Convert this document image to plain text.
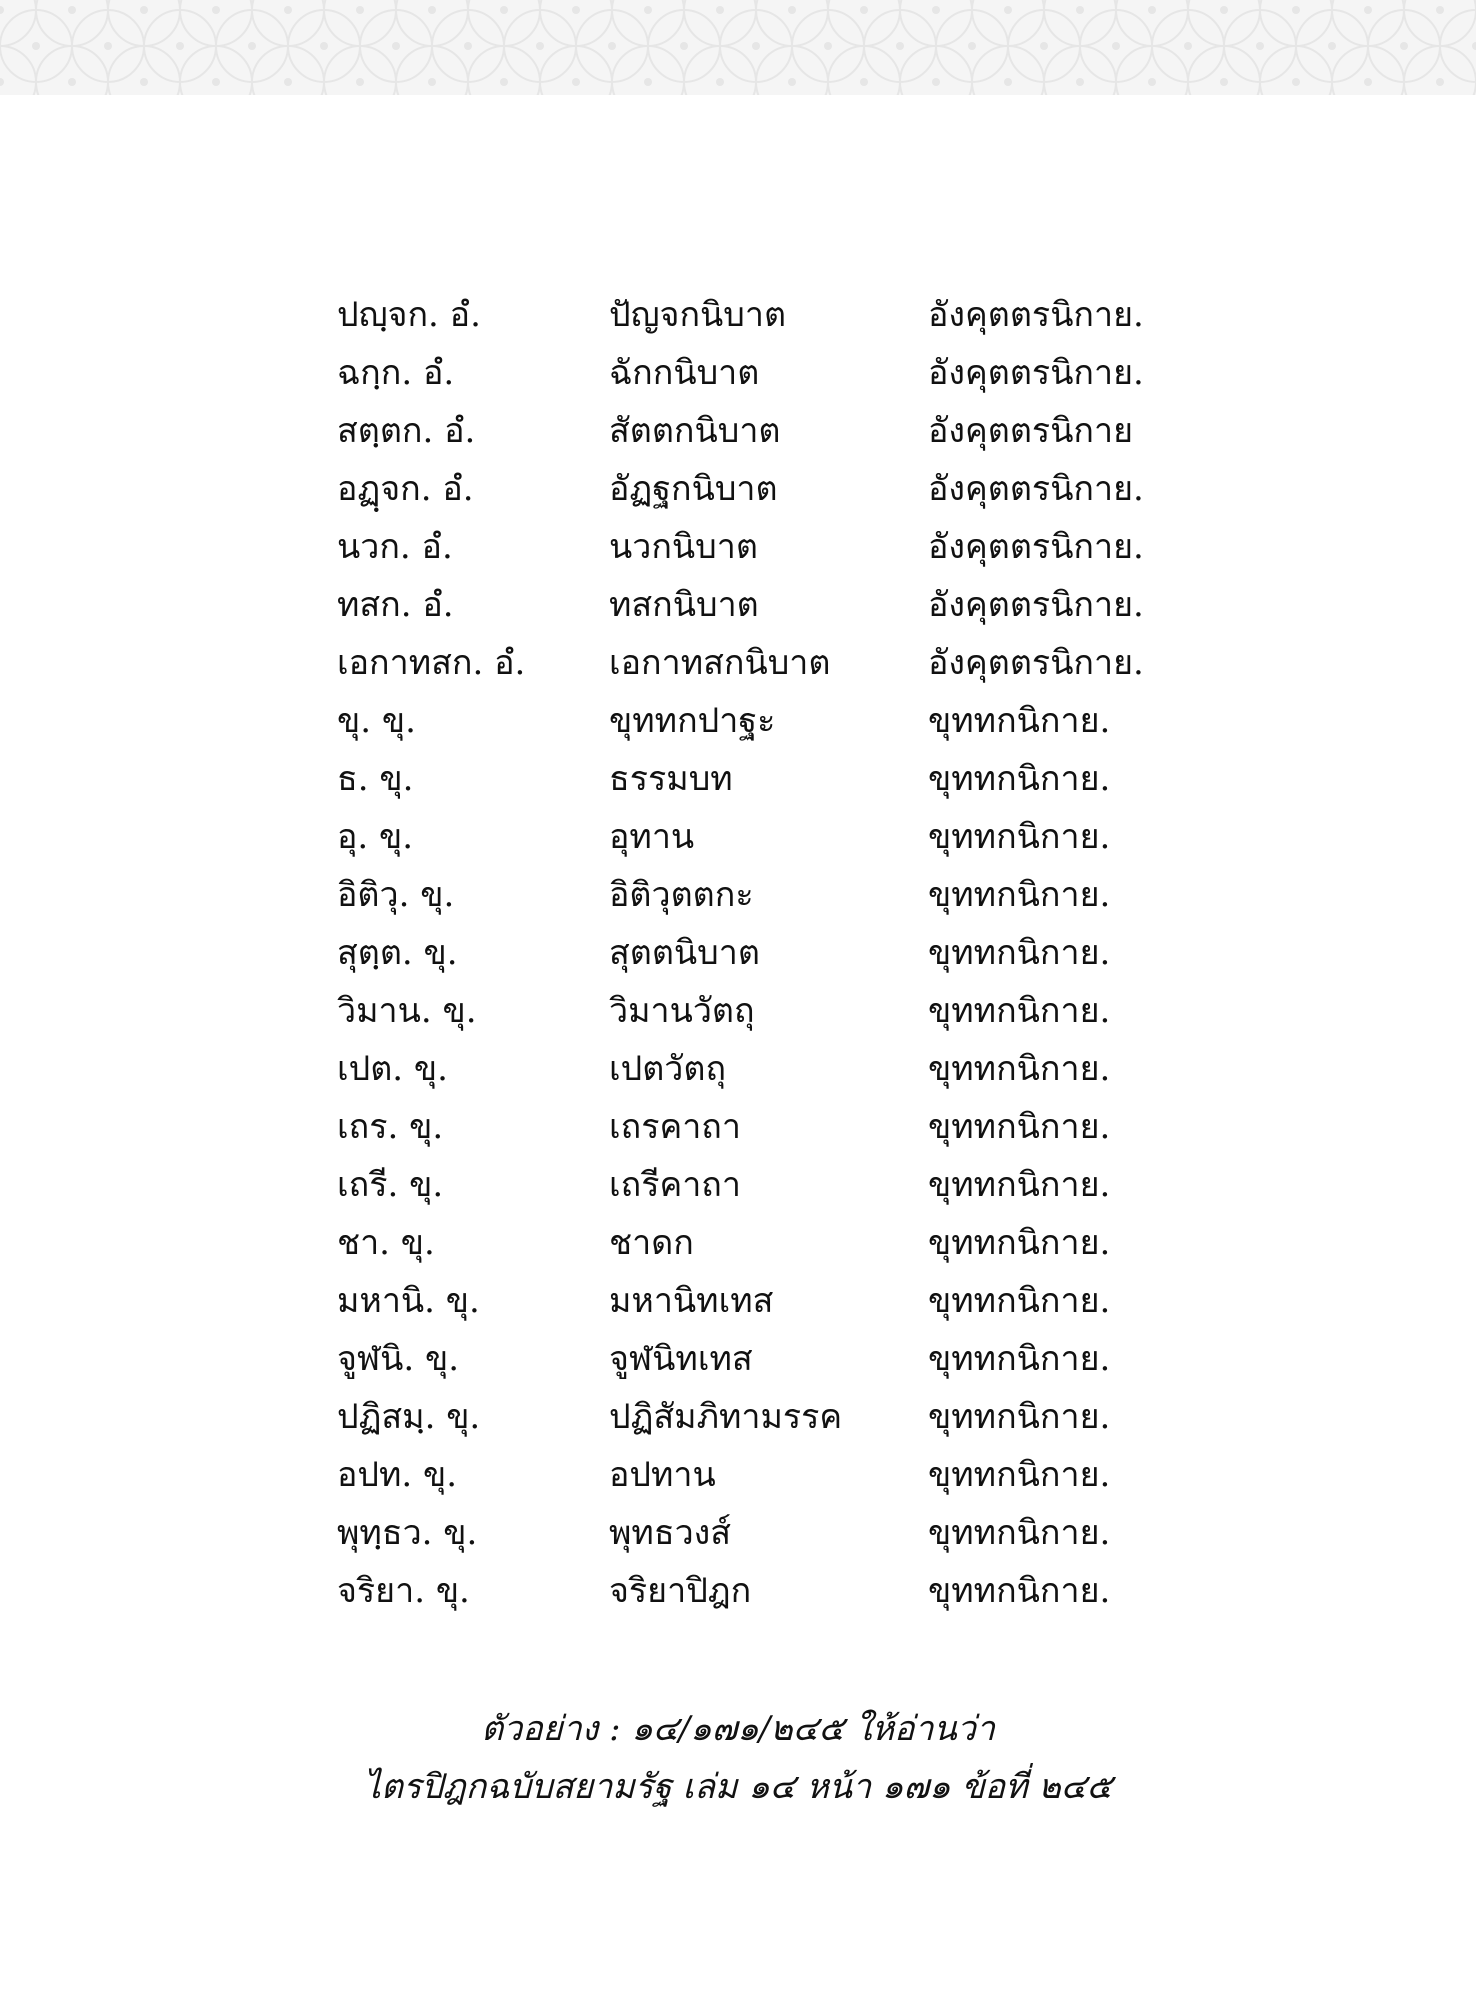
ปญฺจก. อํ.	ปัญจกนิบาต	อังคุตตรนิกาย.
ฉกฺก. อํ.	ฉักกนิบาต	อังคุตตรนิกาย.
สตฺตก. อํ.	สัตตกนิบาต	อังคุตตรนิกาย
อฏฺจก. อํ.	อัฏฐกนิบาต	อังคุตตรนิกาย.
นวก. อํ.	นวกนิบาต	อังคุตตรนิกาย.
ทสก. อํ.	ทสกนิบาต	อังคุตตรนิกาย.
เอกาทสก. อํ.	เอกาทสกนิบาต	อังคุตตรนิกาย.
ขุ. ขุ.	ขุททกปาฐะ	ขุททกนิกาย.
ธ. ขุ.	ธรรมบท	ขุททกนิกาย.
อุ. ขุ.	อุทาน	ขุททกนิกาย.
อิติวุ. ขุ.	อิติวุตตกะ	ขุททกนิกาย.
สุตฺต. ขุ.	สุตตนิบาต	ขุททกนิกาย.
วิมาน. ขุ.	วิมานวัตถุ	ขุททกนิกาย.
เปต. ขุ.	เปตวัตถุ	ขุททกนิกาย.
เถร. ขุ.	เถรคาถา	ขุททกนิกาย.
เถรี. ขุ.	เถรีคาถา	ขุททกนิกาย.
ชา. ขุ.	ชาดก	ขุททกนิกาย.
มหานิ. ขุ.	มหานิทเทส	ขุททกนิกาย.
จูฬนิ. ขุ.	จูฬนิทเทส	ขุททกนิกาย.
ปฏิสมฺ. ขุ.	ปฏิสัมภิทามรรค	ขุททกนิกาย.
อปท. ขุ.	อปทาน	ขุททกนิกาย.
พุทฺธว. ขุ.	พุทธวงส์	ขุททกนิกาย.
จริยา. ขุ.	จริยาปิฎก	ขุททกนิกาย.
ตัวอย่าง : ๑๔/๑๗๑/๒๔๕ ให้อ่านว่า
ไตรปิฎกฉบับสยามรัฐ เล่ม ๑๔ หน้า ๑๗๑ ข้อที่ ๒๔๕
